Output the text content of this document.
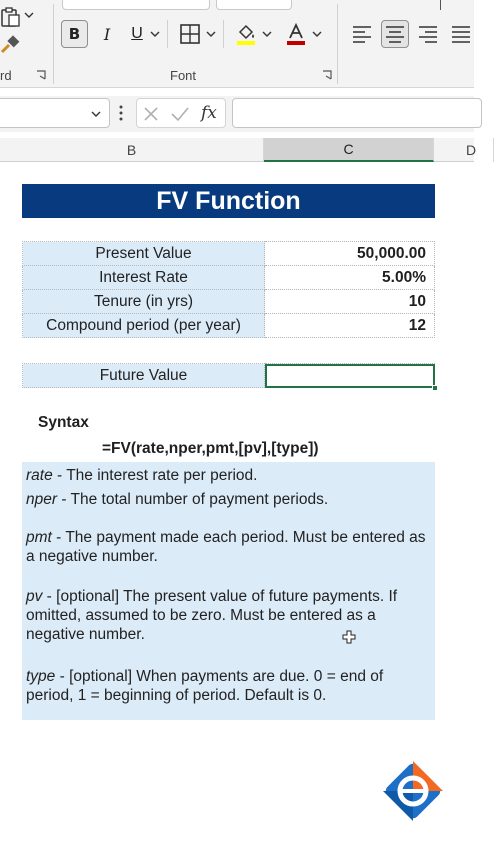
rd
B	I	U
Font
fx
B	C	D
FV Function
Present Value	50,000.00
Interest Rate	5.00%
Tenure (in yrs)	10
Compound period (per year)	12
Future Value	
Syntax
=FV(rate,nper,pmt,[pv],[type])
rate - The interest rate per period.
nper - The total number of payment periods.
pmt - The payment made each period. Must be entered as a negative number.
pv - [optional] The present value of future payments. If omitted, assumed to be zero. Must be entered as a negative number.
type - [optional] When payments are due. 0 = end of period, 1 = beginning of period. Default is 0.
